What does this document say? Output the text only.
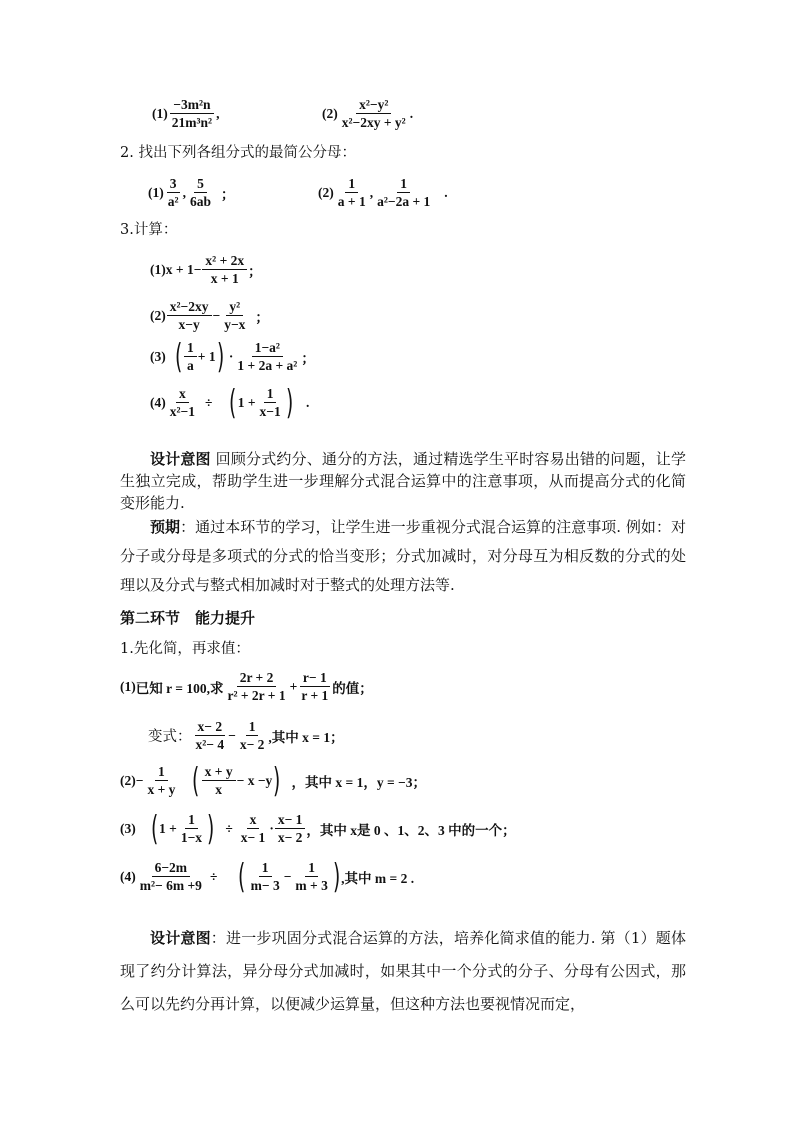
$(1) \frac{\text{−3m²n}}{\text{21m³n²}}$ ,	$(2) \frac{\text{x²−y²}}{\text{x²−2xy + y²}}$ .
2. 找出下列各组分式的最简公分母：
$(1) \frac{3}{\text{a²}}$ , $\frac{5}{6ab}$ ；	$(2) \frac{1}{a + 1}$ , $\frac{1}{\text{a²−2a + 1}}$ .
3.计算：
(1) $x + 1- \frac{\text{x² + 2x}}{x + 1}$ ；
$(2) \frac{\text{x²−2xy}}{x-y} - \frac{\text{y²}}{y-x}$ ；
(3) ( $\frac{1}{a} + 1$ ) · $\frac{\text{1−a²}}{\text{1 + 2a + a²}}$ ；
$(4) \frac{x}{\text{x²−1}}$ ÷ ( $1 + \frac{1}{x-1}$ ) .
设计意图 回顾分式约分、通分的方法，通过精选学生平时容易出错的问题，让学生独立完成，帮助学生进一步理解分式混合运算中的注意事项，从而提高分式的化简变形能力.
预期：通过本环节的学习，让学生进一步重视分式混合运算的注意事项. 例如：对分子或分母是多项式的分式的恰当变形；分式加减时，对分母互为相反数的分式的处理以及分式与整式相加减时对于整式的处理方法等.
第二环节　能力提升
1.先化简，再求值：
(1) 已知 r = 100,求 $\frac{2r + 2}{\text{r² + 2r + 1}} + \frac{r- 1}{r + 1}$ 的值；
变式： $\frac{x- 2}{\text{x²− 4}} - \frac{1}{x- 2}$ ,其中 x = 1；
$(2) - \frac{1}{x + y}$ ( $\frac{x + y}{x} - x -y$ ) ，其中 x = 1，y = −3；
(3) ( $1 + \frac{1}{1-x}$ ) ÷ $\frac{x}{x- 1} \cdot \frac{x- 1}{x- 2}$ ，其中 x是 0 、1、2、3 中的一个；
$(4) \frac{6-2m}{\text{m²− 6m +9}}$ ÷ ( $\frac{1}{m- 3} - \frac{1}{m + 3}$ ) ,其中 m = 2 .
设计意图：进一步巩固分式混合运算的方法，培养化简求值的能力. 第（1）题体现了约分计算法，异分母分式加减时，如果其中一个分式的分子、分母有公因式，那么可以先约分再计算，以便减少运算量，但这种方法也要视情况而定，
